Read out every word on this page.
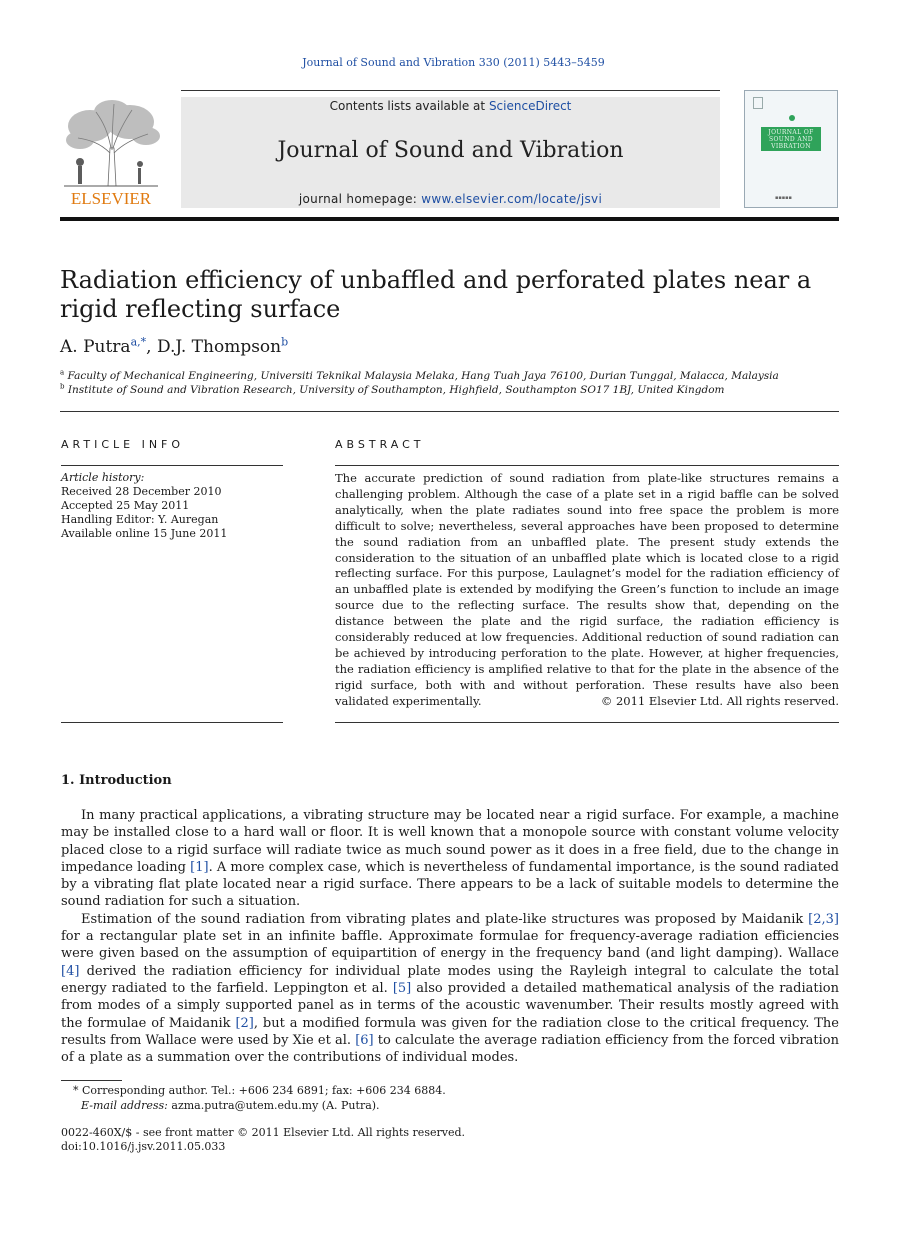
Journal of Sound and Vibration 330 (2011) 5443–5459
ELSEVIER
Contents lists available at ScienceDirect
Journal of Sound and Vibration
journal homepage: www.elsevier.com/locate/jsvi
JOURNAL OF SOUND AND VIBRATION
▪▪▪▪▪
Radiation efficiency of unbaffled and perforated plates near a rigid reflecting surface
A. Putra$^{a,*}$, D.J. Thompson$^b$
$^a$ Faculty of Mechanical Engineering, Universiti Teknikal Malaysia Melaka, Hang Tuah Jaya 76100, Durian Tunggal, Malacca, Malaysia
$^b$ Institute of Sound and Vibration Research, University of Southampton, Highfield, Southampton SO17 1BJ, United Kingdom
ARTICLE INFO
Article history:
Received 28 December 2010
Accepted 25 May 2011
Handling Editor: Y. Auregan
Available online 15 June 2011
ABSTRACT
The accurate prediction of sound radiation from plate-like structures remains a challenging problem. Although the case of a plate set in a rigid baffle can be solved analytically, when the plate radiates sound into free space the problem is more difficult to solve; nevertheless, several approaches have been proposed to determine the sound radiation from an unbaffled plate. The present study extends the consideration to the situation of an unbaffled plate which is located close to a rigid reflecting surface. For this purpose, Laulagnet’s model for the radiation efficiency of an unbaffled plate is extended by modifying the Green’s function to include an image source due to the reflecting surface. The results show that, depending on the distance between the plate and the rigid surface, the radiation efficiency is considerably reduced at low frequencies. Additional reduction of sound radiation can be achieved by introducing perforation to the plate. However, at higher frequencies, the radiation efficiency is amplified relative to that for the plate in the absence of the rigid surface, both with and without perforation. These results have also been validated experimentally.	© 2011 Elsevier Ltd. All rights reserved.
1. Introduction

In many practical applications, a vibrating structure may be located near a rigid surface. For example, a machine may be installed close to a hard wall or floor. It is well known that a monopole source with constant volume velocity placed close to a rigid surface will radiate twice as much sound power as it does in a free field, due to the change in impedance loading [1]. A more complex case, which is nevertheless of fundamental importance, is the sound radiated by a vibrating flat plate located near a rigid surface. There appears to be a lack of suitable models to determine the sound radiation for such a situation.

Estimation of the sound radiation from vibrating plates and plate-like structures was proposed by Maidanik [2,3] for a rectangular plate set in an infinite baffle. Approximate formulae for frequency-average radiation efficiencies were given based on the assumption of equipartition of energy in the frequency band (and light damping). Wallace [4] derived the radiation efficiency for individual plate modes using the Rayleigh integral to calculate the total energy radiated to the farfield. Leppington et al. [5] also provided a detailed mathematical analysis of the radiation from modes of a simply supported panel as in terms of the acoustic wavenumber. Their results mostly agreed with the formulae of Maidanik [2], but a modified formula was given for the radiation close to the critical frequency. The results from Wallace were used by Xie et al. [6] to calculate the average radiation efficiency from the forced vibration of a plate as a summation over the contributions of individual modes.

* Corresponding author. Tel.: +606 234 6891; fax: +606 234 6884.
E-mail address: azma.putra@utem.edu.my (A. Putra).
0022-460X/$ - see front matter © 2011 Elsevier Ltd. All rights reserved.
doi:10.1016/j.jsv.2011.05.033
